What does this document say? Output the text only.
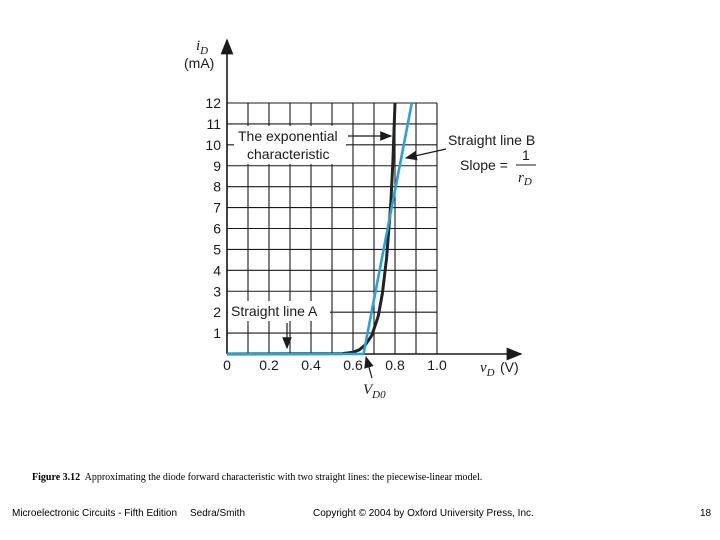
1
2
3
4
5
6
7
8
9
10
11
12
0 0.2 0.4 0.6 0.8 1.0
$i_D$
(mA)
$v_D$ (V)
The exponential
characteristic
Straight line B
Slope =
1
$r_D$
Straight line A
$V_{D0}$
Figure 3.12 Approximating the diode forward characteristic with two straight lines: the piecewise-linear model.
Microelectronic Circuits - Fifth Edition Sedra/Smith	Copyright © 2004 by Oxford University Press, Inc.	18
